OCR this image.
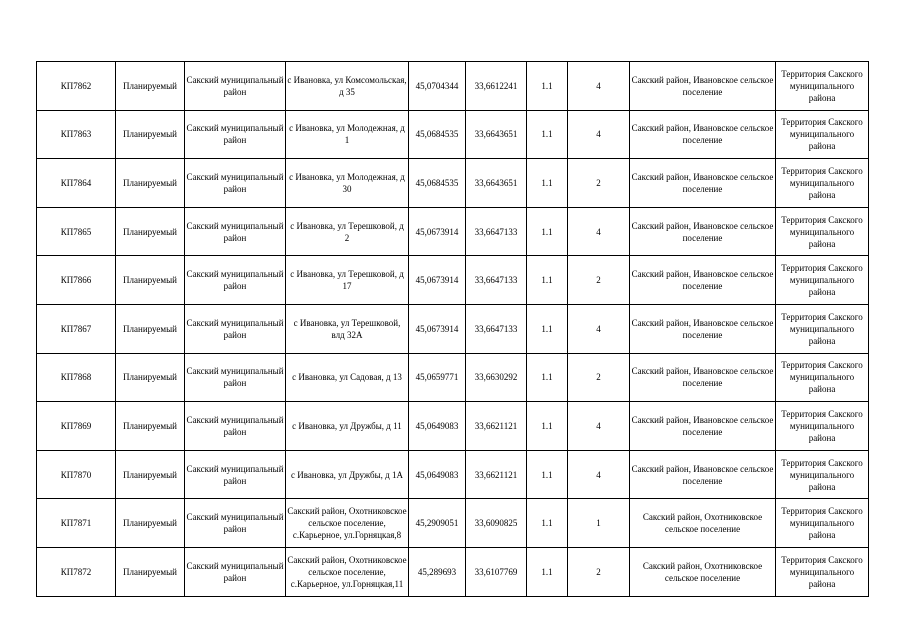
КП7862	Планируемый	Сакский муниципальный район	с Ивановка, ул Комсомольская, д 35	45,0704344	33,6612241	1.1	4	Сакский район, Ивановское сельское поселение	Территория Сакского муниципального района
КП7863	Планируемый	Сакский муниципальный район	с Ивановка, ул Молодежная, д 1	45,0684535	33,6643651	1.1	4	Сакский район, Ивановское сельское поселение	Территория Сакского муниципального района
КП7864	Планируемый	Сакский муниципальный район	с Ивановка, ул Молодежная, д 30	45,0684535	33,6643651	1.1	2	Сакский район, Ивановское сельское поселение	Территория Сакского муниципального района
КП7865	Планируемый	Сакский муниципальный район	с Ивановка, ул Терешковой, д 2	45,0673914	33,6647133	1.1	4	Сакский район, Ивановское сельское поселение	Территория Сакского муниципального района
КП7866	Планируемый	Сакский муниципальный район	с Ивановка, ул Терешковой, д 17	45,0673914	33,6647133	1.1	2	Сакский район, Ивановское сельское поселение	Территория Сакского муниципального района
КП7867	Планируемый	Сакский муниципальный район	с Ивановка, ул Терешковой, влд 32А	45,0673914	33,6647133	1.1	4	Сакский район, Ивановское сельское поселение	Территория Сакского муниципального района
КП7868	Планируемый	Сакский муниципальный район	с Ивановка, ул Садовая, д 13	45,0659771	33,6630292	1.1	2	Сакский район, Ивановское сельское поселение	Территория Сакского муниципального района
КП7869	Планируемый	Сакский муниципальный район	с Ивановка, ул Дружбы, д 11	45,0649083	33,6621121	1.1	4	Сакский район, Ивановское сельское поселение	Территория Сакского муниципального района
КП7870	Планируемый	Сакский муниципальный район	с Ивановка, ул Дружбы, д 1А	45,0649083	33,6621121	1.1	4	Сакский район, Ивановское сельское поселение	Территория Сакского муниципального района
КП7871	Планируемый	Сакский муниципальный район	Сакский район, Охотниковское сельское поселение, с.Карьерное, ул.Горняцкая,8	45,2909051	33,6090825	1.1	1	Сакский район, Охотниковское сельское поселение	Территория Сакского муниципального района
КП7872	Планируемый	Сакский муниципальный район	Сакский район, Охотниковское сельское поселение, с.Карьерное, ул.Горняцкая,11	45,289693	33,6107769	1.1	2	Сакский район, Охотниковское сельское поселение	Территория Сакского муниципального района
